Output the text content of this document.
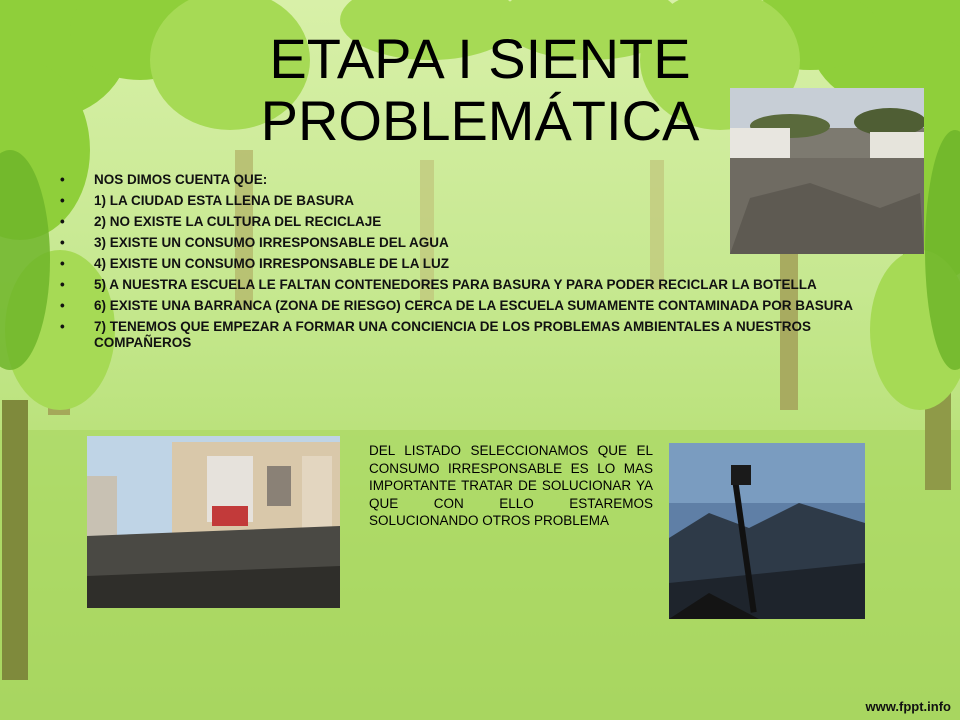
ETAPA I SIENTE PROBLEMÁTICA
• NOS DIMOS CUENTA QUE:
• 1) LA CIUDAD ESTA LLENA DE BASURA
• 2) NO EXISTE LA CULTURA DEL RECICLAJE
• 3) EXISTE UN CONSUMO IRRESPONSABLE DEL AGUA
• 4) EXISTE UN CONSUMO IRRESPONSABLE DE LA LUZ
• 5) A NUESTRA ESCUELA LE FALTAN CONTENEDORES PARA BASURA Y PARA PODER RECICLAR LA BOTELLA
• 6) EXISTE UNA BARRANCA (ZONA DE RIESGO) CERCA DE LA ESCUELA SUMAMENTE CONTAMINADA POR BASURA
• 7) TENEMOS QUE EMPEZAR A FORMAR UNA CONCIENCIA DE LOS PROBLEMAS AMBIENTALES A NUESTROS COMPAÑEROS
DEL LISTADO SELECCIONAMOS QUE EL CONSUMO IRRESPONSABLE ES LO MAS IMPORTANTE TRATAR DE SOLUCIONAR YA QUE CON ELLO ESTAREMOS SOLUCIONANDO OTROS PROBLEMA
www.fppt.info
